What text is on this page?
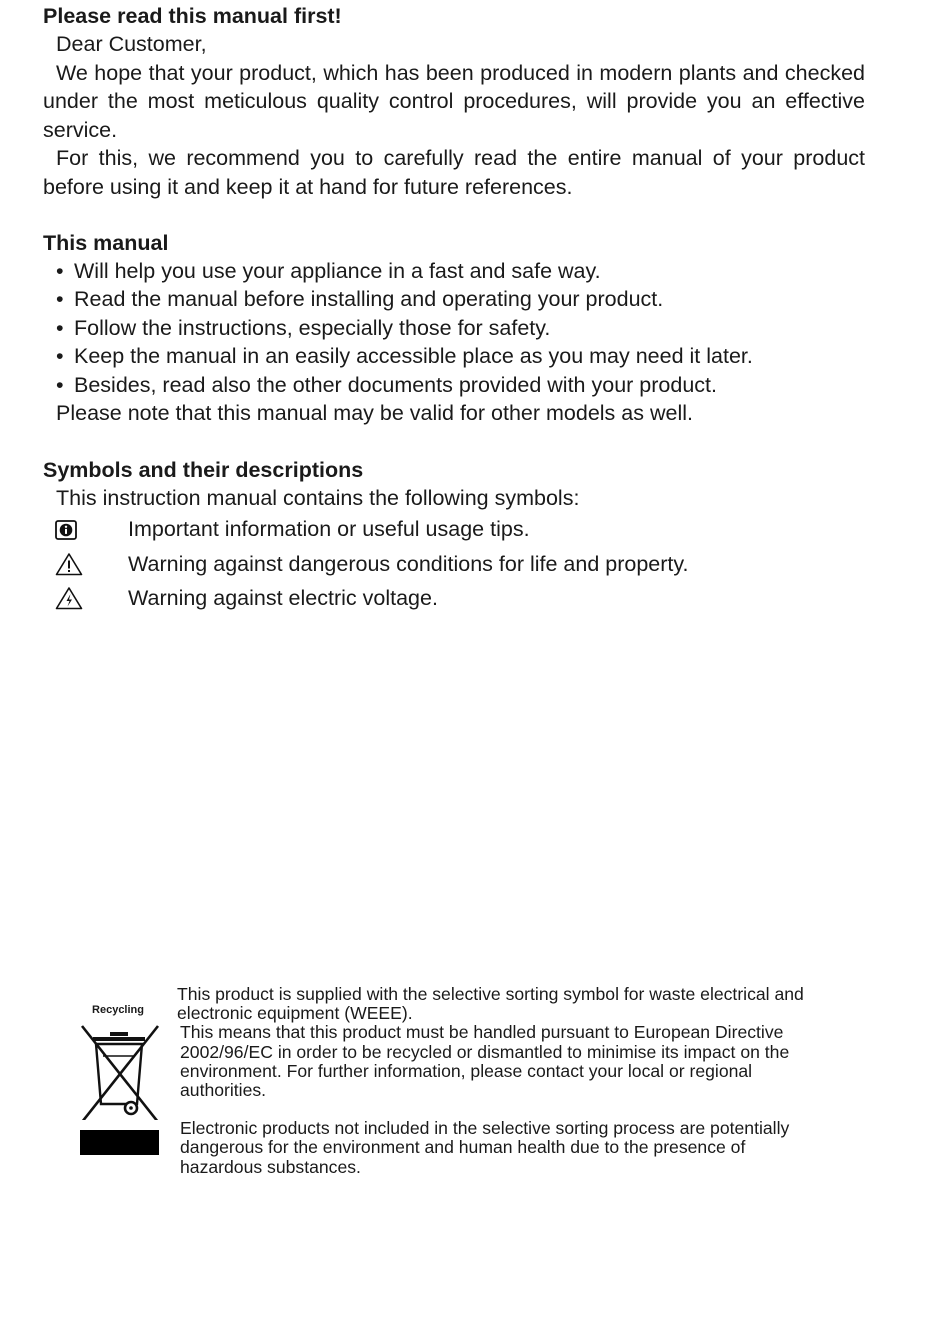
Please read this manual first!

Dear Customer,

We hope that your product, which has been produced in modern plants and checked under the most meticulous quality control procedures, will provide you an effective service.

For this, we recommend you to carefully read the entire manual of your product before using it and keep it at hand for future references.

This manual
• Will help you use your appliance in a fast and safe way.
• Read the manual before installing and operating your product.
• Follow the instructions, especially those for safety.
• Keep the manual in an easily accessible place as you may need it later.
• Besides, read also the other documents provided with your product.

Please note that this manual may be valid for other models as well.

Symbols and their descriptions

This instruction manual contains the following symbols:

Important information or useful usage tips.
Warning against dangerous conditions for life and property.
Warning against electric voltage.
Recycling

This product is supplied with the selective sorting symbol for waste electrical and electronic equipment (WEEE).

This means that this product must be handled pursuant to European Directive 2002/96/EC in order to be recycled or dismantled to minimise its impact on the environment. For further information, please contact your local or regional authorities.

Electronic products not included in the selective sorting process are potentially dangerous for the environment and human health due to the presence of hazardous substances.
